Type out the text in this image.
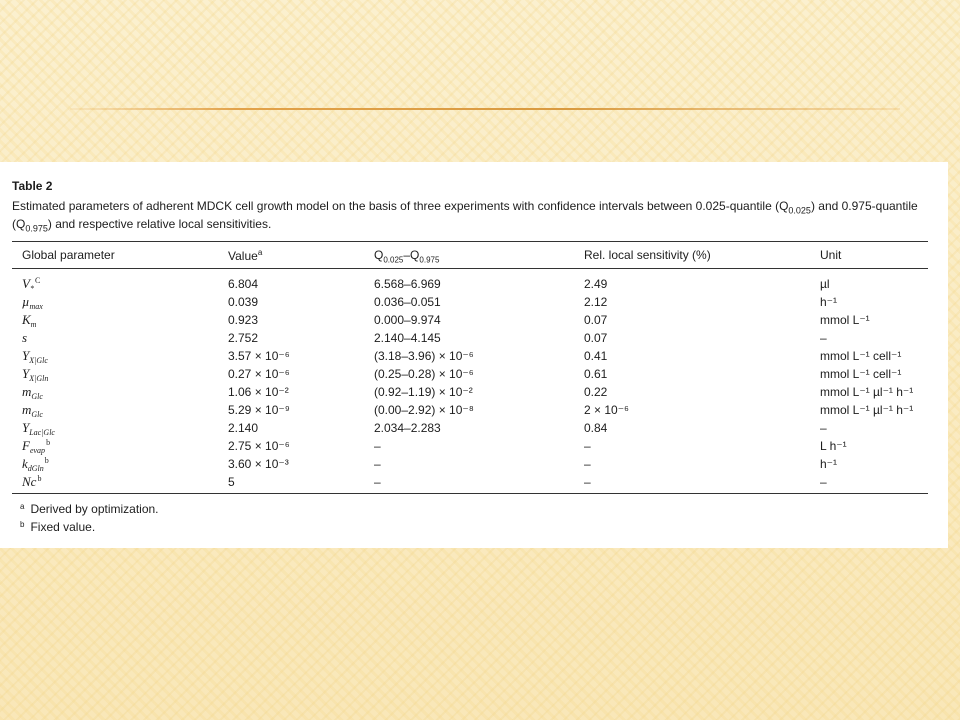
Table 2
Estimated parameters of adherent MDCK cell growth model on the basis of three experiments with confidence intervals between 0.025-quantile $(Q_{0.025})$ and 0.975-quantile $(Q_{0.975})$ and respective relative local sensitivities.
Global parameter	Value$^a$	$Q_{0.025}-Q_{0.975}$	Rel. local sensitivity (%)	Unit
$V_*^C$	6.804	6.568–6.969	2.49	µl
µ$_{max}$	0.039	0.036–0.051	2.12	h⁻¹
$K_m$	0.923	0.000–9.974	0.07	mmol L⁻¹
s	2.752	2.140–4.145	0.07	–
$Y_{X|Glc}$	3.57 × 10⁻⁶	(3.18–3.96) × 10⁻⁶	0.41	mmol L⁻¹ cell⁻¹
$Y_{X|Gln}$	0.27 × 10⁻⁶	(0.25–0.28) × 10⁻⁶	0.61	mmol L⁻¹ cell⁻¹
$m_{Glc}$	1.06 × 10⁻²	(0.92–1.19) × 10⁻²	0.22	mmol L⁻¹ µl⁻¹ h⁻¹
$m_{Glc}$	5.29 × 10⁻⁹	(0.00–2.92) × 10⁻⁸	2 × 10⁻⁶	mmol L⁻¹ µl⁻¹ h⁻¹
$Y_{Lac|Glc}$	2.140	2.034–2.283	0.84	–
$F_{evap}^b$	2.75 × 10⁻⁶	–	–	L h⁻¹
$k_{dGln}^b$	3.60 × 10⁻³	–	–	h⁻¹
Nc$^b$	5	–	–	–
$^a$ Derived by optimization.
$^b$ Fixed value.
